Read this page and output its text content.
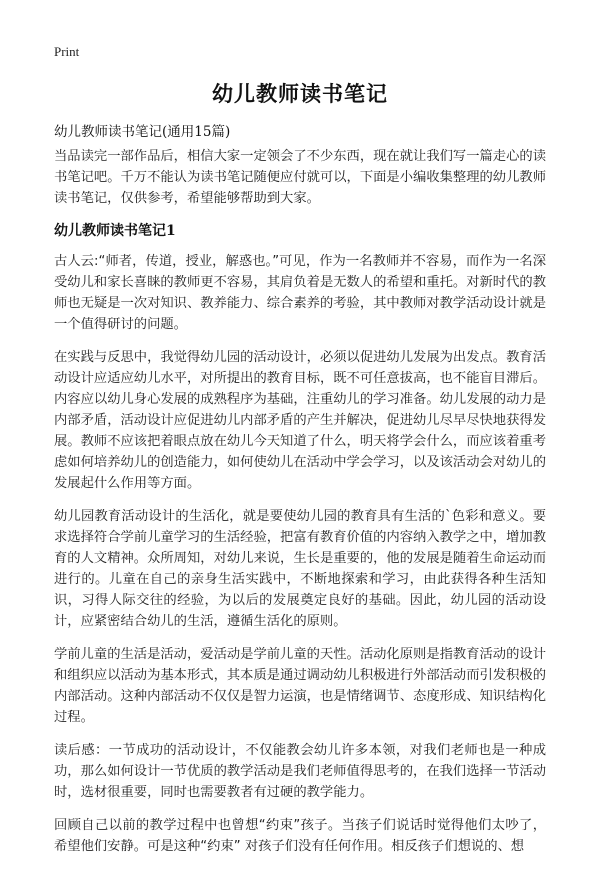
Print
幼儿教师读书笔记
幼儿教师读书笔记(通用15篇)

当品读完一部作品后，相信大家一定领会了不少东西，现在就让我们写一篇走心的读书笔记吧。千万不能认为读书笔记随便应付就可以，下面是小编收集整理的幼儿教师读书笔记，仅供参考，希望能够帮助到大家。

幼儿教师读书笔记1

古人云:“师者，传道，授业，解惑也。”可见，作为一名教师并不容易，而作为一名深受幼儿和家长喜睐的教师更不容易，其肩负着是无数人的希望和重托。对新时代的教师也无疑是一次对知识、教养能力、综合素养的考验，其中教师对教学活动设计就是一个值得研讨的问题。

在实践与反思中，我觉得幼儿园的活动设计，必须以促进幼儿发展为出发点。教育活动设计应适应幼儿水平，对所提出的教育目标，既不可任意拔高，也不能盲目滞后。内容应以幼儿身心发展的成熟程序为基础，注重幼儿的学习准备。幼儿发展的动力是内部矛盾，活动设计应促进幼儿内部矛盾的产生并解决，促进幼儿尽早尽快地获得发展。教师不应该把着眼点放在幼儿今天知道了什么，明天将学会什么，而应该着重考虑如何培养幼儿的创造能力，如何使幼儿在活动中学会学习，以及该活动会对幼儿的发展起什么作用等方面。

幼儿园教育活动设计的生活化，就是要使幼儿园的教育具有生活的`色彩和意义。要求选择符合学前儿童学习的生活经验，把富有教育价值的内容纳入教学之中，增加教育的人文精神。众所周知，对幼儿来说，生长是重要的，他的发展是随着生命运动而进行的。儿童在自己的亲身生活实践中，不断地探索和学习，由此获得各种生活知识，习得人际交往的经验，为以后的发展奠定良好的基础。因此，幼儿园的活动设计，应紧密结合幼儿的生活，遵循生活化的原则。

学前儿童的生活是活动，爱活动是学前儿童的天性。活动化原则是指教育活动的设计和组织应以活动为基本形式，其本质是通过调动幼儿积极进行外部活动而引发积极的内部活动。这种内部活动不仅仅是智力运演，也是情绪调节、态度形成、知识结构化过程。

读后感：一节成功的活动设计，不仅能教会幼儿许多本领，对我们老师也是一种成功，那么如何设计一节优质的教学活动是我们老师值得思考的，在我们选择一节活动时，选材很重要，同时也需要教者有过硬的教学能力。

回顾自己以前的教学过程中也曾想“约束”孩子。当孩子们说话时觉得他们太吵了，希望他们安静。可是这种“约束” 对孩子们没有任何作用。相反孩子们想说的、想
